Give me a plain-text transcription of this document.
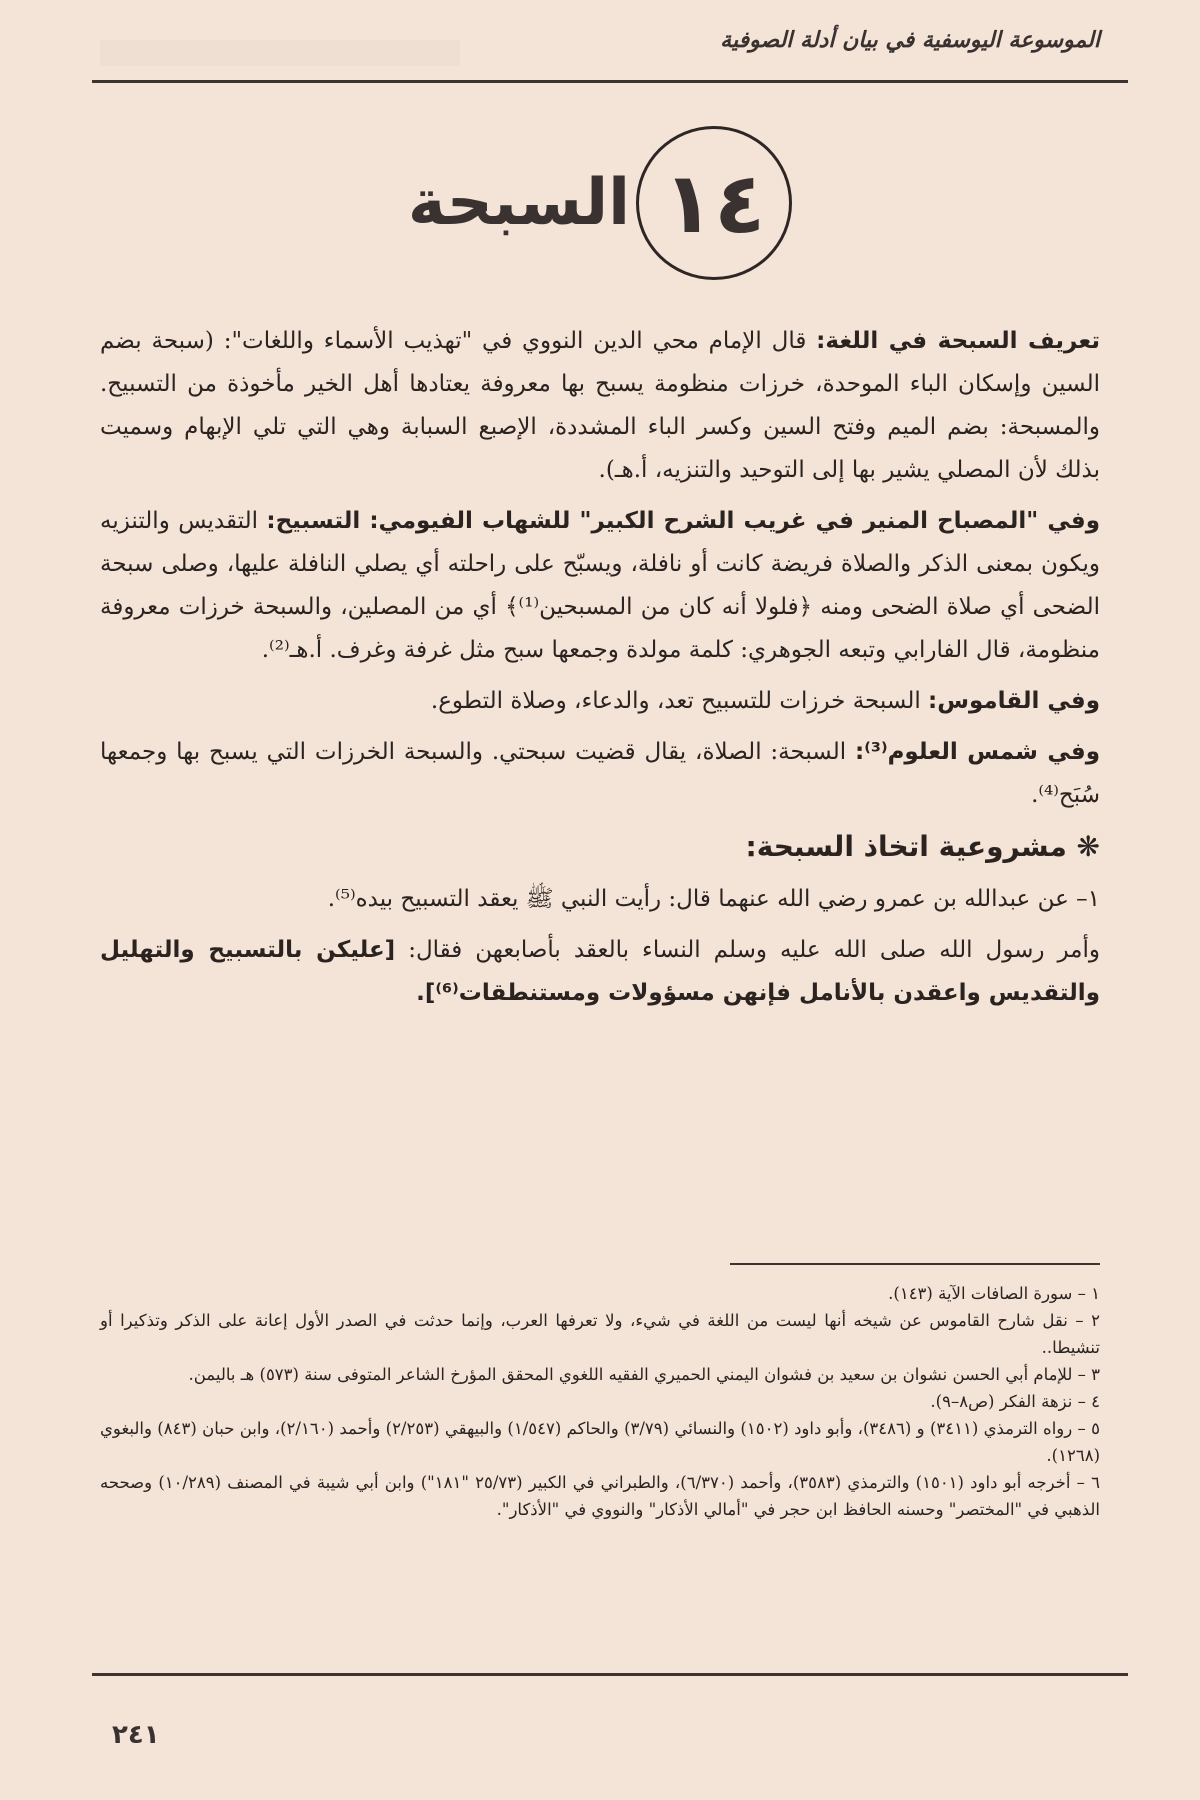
الموسوعة اليوسفية في بيان أدلة الصوفية
١٤
السبحة

تعريف السبحة في اللغة: قال الإمام محي الدين النووي في "تهذيب الأسماء واللغات": (سبحة بضم السين وإسكان الباء الموحدة، خرزات منظومة يسبح بها معروفة يعتادها أهل الخير مأخوذة من التسبيح. والمسبحة: بضم الميم وفتح السين وكسر الباء المشددة، الإصبع السبابة وهي التي تلي الإبهام وسميت بذلك لأن المصلي يشير بها إلى التوحيد والتنزيه، أ.هـ).

وفي "المصباح المنير في غريب الشرح الكبير" للشهاب الفيومي: التسبيح: التقديس والتنزيه ويكون بمعنى الذكر والصلاة فريضة كانت أو نافلة، ويسبّح على راحلته أي يصلي النافلة عليها، وصلى سبحة الضحى أي صلاة الضحى ومنه ﴿فلولا أنه كان من المسبحين⁽¹⁾﴾ أي من المصلين، والسبحة خرزات معروفة منظومة، قال الفارابي وتبعه الجوهري: كلمة مولدة وجمعها سبح مثل غرفة وغرف. أ.هـ⁽²⁾.

وفي القاموس: السبحة خرزات للتسبيح تعد، والدعاء، وصلاة التطوع.

وفي شمس العلوم⁽³⁾: السبحة: الصلاة، يقال قضيت سبحتي. والسبحة الخرزات التي يسبح بها وجمعها سُبَح⁽⁴⁾.

❋ مشروعية اتخاذ السبحة:

١– عن عبدالله بن عمرو رضي الله عنهما قال: رأيت النبي ﷺ يعقد التسبيح بيده⁽⁵⁾.

وأمر رسول الله صلى الله عليه وسلم النساء بالعقد بأصابعهن فقال: [عليكن بالتسبيح والتهليل والتقديس واعقدن بالأنامل فإنهن مسؤولات ومستنطقات⁽⁶⁾].

١ – سورة الصافات الآية (١٤٣).
٢ – نقل شارح القاموس عن شيخه أنها ليست من اللغة في شيء، ولا تعرفها العرب، وإنما حدثت في الصدر الأول إعانة على الذكر وتذكيرا أو تنشيطا..
٣ – للإمام أبي الحسن نشوان بن سعيد بن فشوان اليمني الحميري الفقيه اللغوي المحقق المؤرخ الشاعر المتوفى سنة (٥٧٣) هـ باليمن.
٤ – نزهة الفكر (ص٨–٩).
٥ – رواه الترمذي (٣٤١١) و (٣٤٨٦)، وأبو داود (١٥٠٢) والنسائي (٣/٧٩) والحاكم (١/٥٤٧) والبيهقي (٢/٢٥٣) وأحمد (٢/١٦٠)، وابن حبان (٨٤٣) والبغوي (١٢٦٨).
٦ – أخرجه أبو داود (١٥٠١) والترمذي (٣٥٨٣)، وأحمد (٦/٣٧٠)، والطبراني في الكبير (٢٥/٧٣ "١٨١") وابن أبي شيبة في المصنف (١٠/٢٨٩) وصححه الذهبي في "المختصر" وحسنه الحافظ ابن حجر في "أمالي الأذكار" والنووي في "الأذكار".
٢٤١
